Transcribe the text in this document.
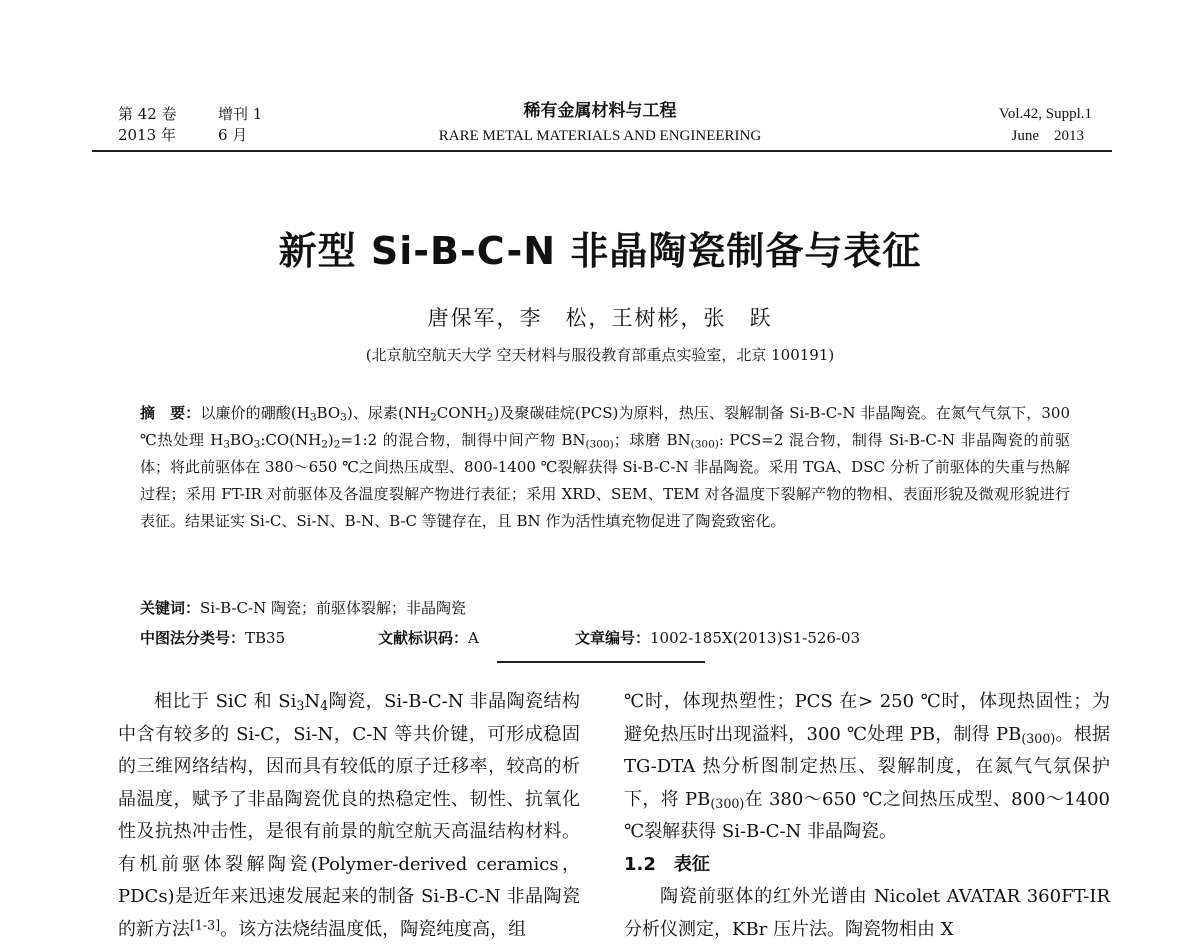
第 42 卷	增刊 1
2013 年	6 月
稀有金属材料与工程
RARE METAL MATERIALS AND ENGINEERING
Vol.42, Suppl.1
June    2013
新型 Si-B-C-N 非晶陶瓷制备与表征
唐保军，李　松，王树彬，张　跃
(北京航空航天大学 空天材料与服役教育部重点实验室，北京 100191)
摘　要：以廉价的硼酸$(H_3BO_3)$、尿素$(NH_2CONH_2)$及聚碳硅烷(PCS)为原料，热压、裂解制备 Si-B-C-N 非晶陶瓷。在氮气气氛下，300 ℃热处理 $H_3BO_3:CO(NH_2)_2=1:2$ 的混合物，制得中间产物 $BN_{(300)}$；球磨 $BN_{(300)}$: PCS=2 混合物，制得 Si-B-C-N 非晶陶瓷的前驱体；将此前驱体在 380～650 ℃之间热压成型、800-1400 ℃裂解获得 Si-B-C-N 非晶陶瓷。采用 TGA、DSC 分析了前驱体的失重与热解过程；采用 FT-IR 对前驱体及各温度裂解产物进行表征；采用 XRD、SEM、TEM 对各温度下裂解产物的物相、表面形貌及微观形貌进行表征。结果证实 Si-C、Si-N、B-N、B-C 等键存在，且 BN 作为活性填充物促进了陶瓷致密化。
关键词：Si-B-C-N 陶瓷；前驱体裂解；非晶陶瓷
中图法分类号：TB35	文献标识码：A	文章编号：1002-185X(2013)S1-526-03

相比于 SiC 和 $Si_3N_4$陶瓷，Si-B-C-N 非晶陶瓷结构中含有较多的 Si-C，Si-N，C-N 等共价键，可形成稳固的三维网络结构，因而具有较低的原子迁移率，较高的析晶温度，赋予了非晶陶瓷优良的热稳定性、韧性、抗氧化性及抗热冲击性，是很有前景的航空航天高温结构材料。有机前驱体裂解陶瓷(Polymer-derived ceramics，PDCs)是近年来迅速发展起来的制备 Si-B-C-N 非晶陶瓷的新方法[1-3]。该方法烧结温度低，陶瓷纯度高，组

℃时，体现热塑性；PCS 在> 250 ℃时，体现热固性；为避免热压时出现溢料，300 ℃处理 PB，制得 $PB_{(300)}$。根据 TG-DTA 热分析图制定热压、裂解制度，在氮气气氛保护下，将 $PB_{(300)}$在 380～650 ℃之间热压成型、800～1400 ℃裂解获得 Si-B-C-N 非晶陶瓷。

1.2　表征

陶瓷前驱体的红外光谱由 Nicolet AVATAR 360FT-IR 分析仪测定，KBr 压片法。陶瓷物相由 X
